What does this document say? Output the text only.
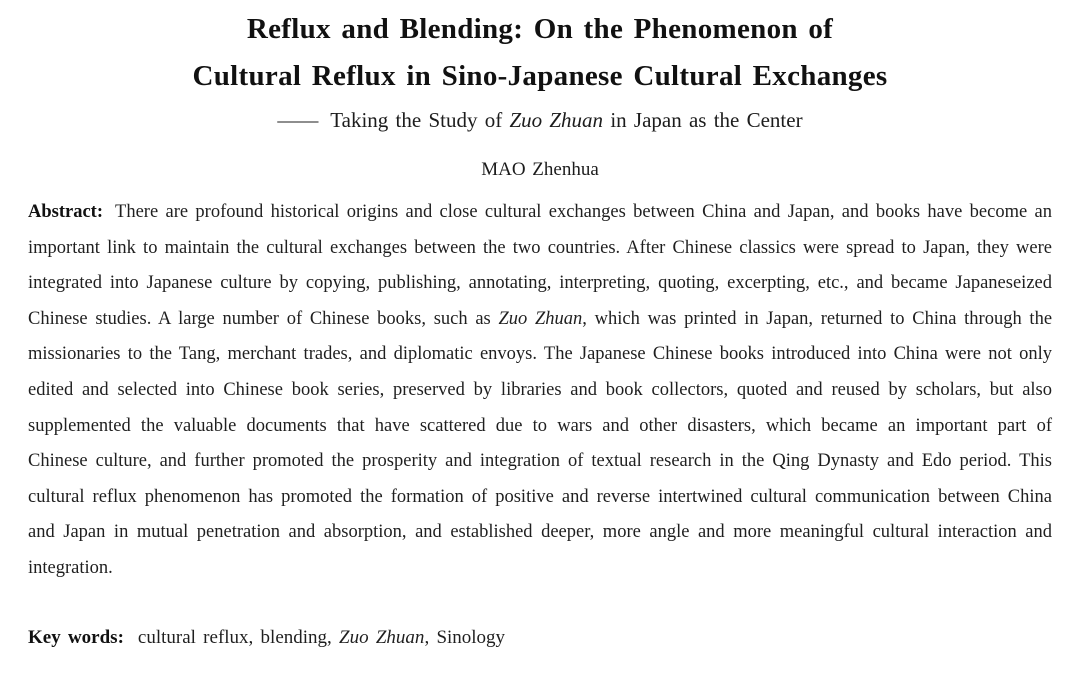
Reflux and Blending: On the Phenomenon of
Cultural Reflux in Sino-Japanese Cultural Exchanges
—— Taking the Study of Zuo Zhuan in Japan as the Center
MAO Zhenhua

Abstract: There are profound historical origins and close cultural exchanges between China and Japan, and books have become an important link to maintain the cultural exchanges between the two countries. After Chinese classics were spread to Japan, they were integrated into Japanese culture by copying, publishing, annotating, interpreting, quoting, excerpting, etc., and became Japaneseized Chinese studies. A large number of Chinese books, such as Zuo Zhuan, which was printed in Japan, returned to China through the missionaries to the Tang, merchant trades, and diplomatic envoys. The Japanese Chinese books introduced into China were not only edited and selected into Chinese book series, preserved by libraries and book collectors, quoted and reused by scholars, but also supplemented the valuable documents that have scattered due to wars and other disasters, which became an important part of Chinese culture, and further promoted the prosperity and integration of textual research in the Qing Dynasty and Edo period. This cultural reflux phenomenon has promoted the formation of positive and reverse intertwined cultural communication between China and Japan in mutual penetration and absorption, and established deeper, more angle and more meaningful cultural interaction and integration.

Key words: cultural reflux, blending, Zuo Zhuan, Sinology
